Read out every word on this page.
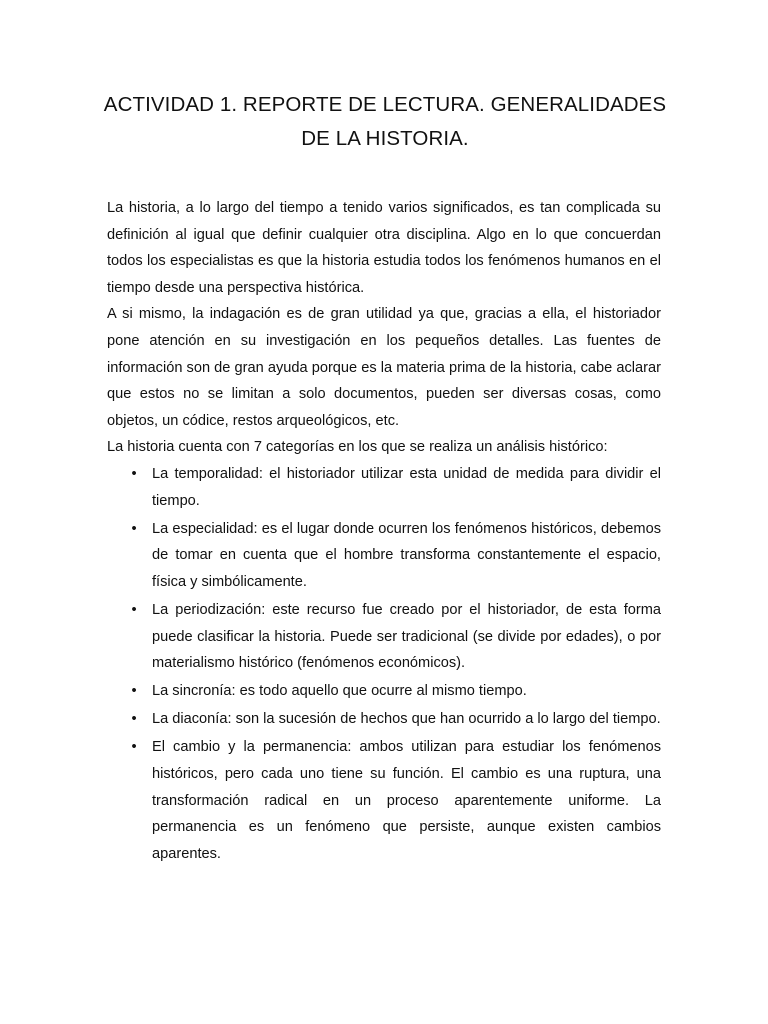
ACTIVIDAD 1. REPORTE DE LECTURA. GENERALIDADES DE LA HISTORIA.

La historia, a lo largo del tiempo a tenido varios significados, es tan complicada su definición al igual que definir cualquier otra disciplina. Algo en lo que concuerdan todos los especialistas es que la historia estudia todos los fenómenos humanos en el tiempo desde una perspectiva histórica.

A si mismo, la indagación es de gran utilidad ya que, gracias a ella, el historiador pone atención en su investigación en los pequeños detalles. Las fuentes de información son de gran ayuda porque es la materia prima de la historia, cabe aclarar que estos no se limitan a solo documentos, pueden ser diversas cosas, como objetos, un códice, restos arqueológicos, etc.

La historia cuenta con 7 categorías en los que se realiza un análisis histórico:

• La temporalidad: el historiador utilizar esta unidad de medida para dividir el tiempo.
• La especialidad: es el lugar donde ocurren los fenómenos históricos, debemos de tomar en cuenta que el hombre transforma constantemente el espacio, física y simbólicamente.
• La periodización: este recurso fue creado por el historiador, de esta forma puede clasificar la historia. Puede ser tradicional (se divide por edades), o por materialismo histórico (fenómenos económicos).
• La sincronía: es todo aquello que ocurre al mismo tiempo.
• La diaconía: son la sucesión de hechos que han ocurrido a lo largo del tiempo.
• El cambio y la permanencia: ambos utilizan para estudiar los fenómenos históricos, pero cada uno tiene su función. El cambio es una ruptura, una transformación radical en un proceso aparentemente uniforme. La permanencia es un fenómeno que persiste, aunque existen cambios aparentes.
